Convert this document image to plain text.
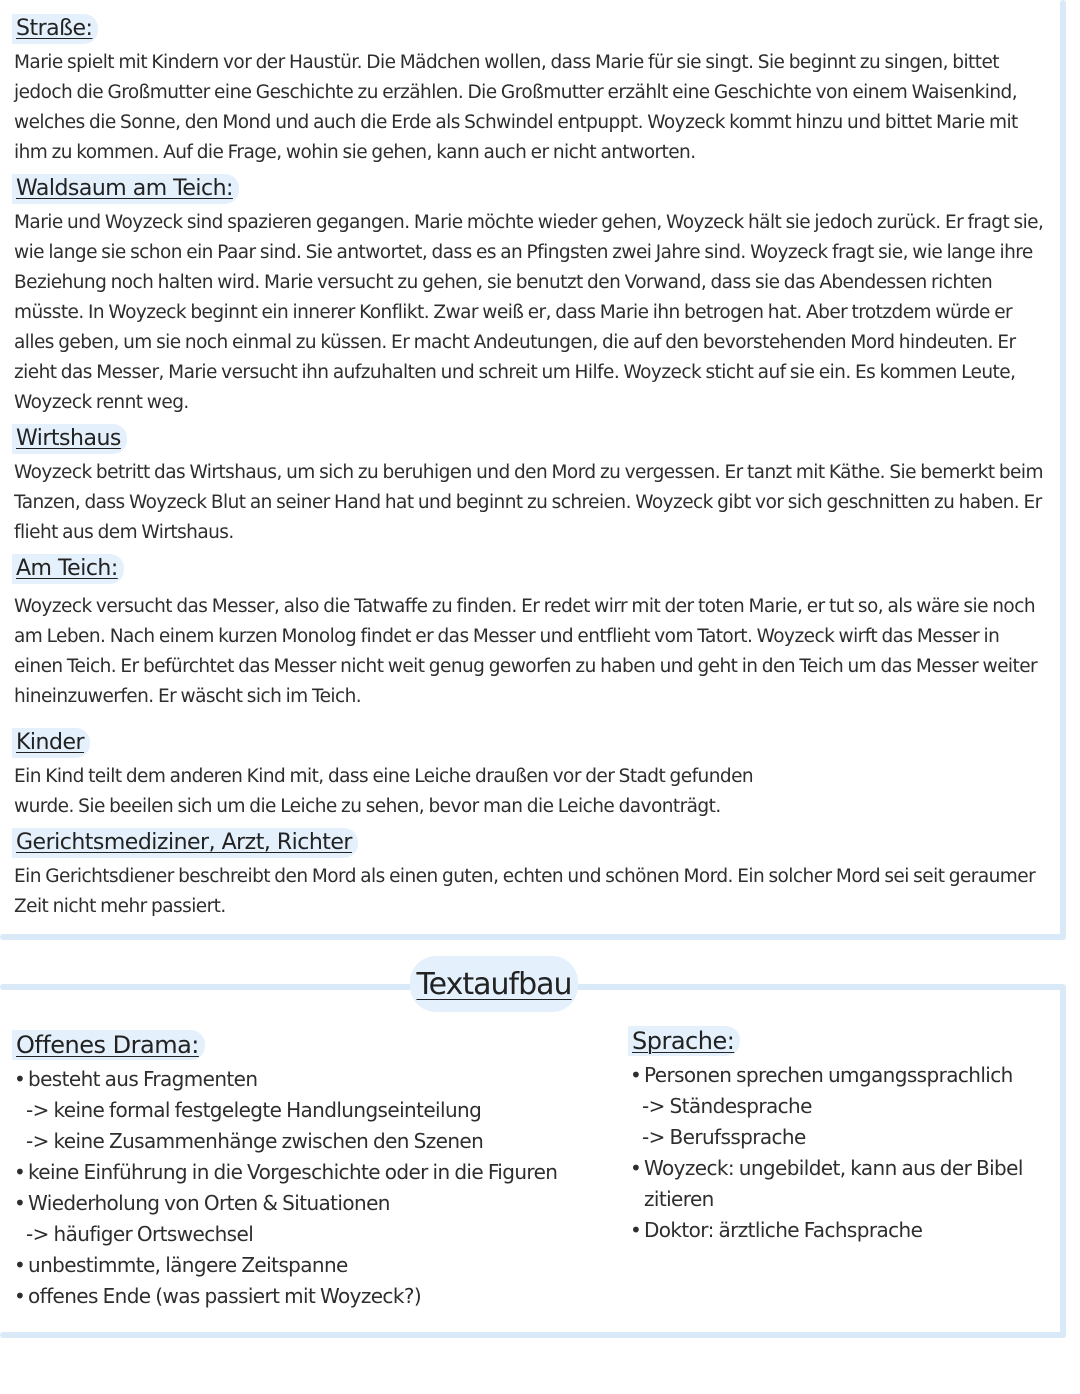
Straße:

Marie spielt mit Kindern vor der Haustür. Die Mädchen wollen, dass Marie für sie singt. Sie beginnt zu singen, bittet jedoch die Großmutter eine Geschichte zu erzählen. Die Großmutter erzählt eine Geschichte von einem Waisenkind, welches die Sonne, den Mond und auch die Erde als Schwindel entpuppt. Woyzeck kommt hinzu und bittet Marie mit ihm zu kommen. Auf die Frage, wohin sie gehen, kann auch er nicht antworten.

Waldsaum am Teich:

Marie und Woyzeck sind spazieren gegangen. Marie möchte wieder gehen, Woyzeck hält sie jedoch zurück. Er fragt sie, wie lange sie schon ein Paar sind. Sie antwortet, dass es an Pfingsten zwei Jahre sind. Woyzeck fragt sie, wie lange ihre Beziehung noch halten wird. Marie versucht zu gehen, sie benutzt den Vorwand, dass sie das Abendessen richten müsste. In Woyzeck beginnt ein innerer Konflikt. Zwar weiß er, dass Marie ihn betrogen hat. Aber trotzdem würde er alles geben, um sie noch einmal zu küssen. Er macht Andeutungen, die auf den bevorstehenden Mord hindeuten. Er zieht das Messer, Marie versucht ihn aufzuhalten und schreit um Hilfe. Woyzeck sticht auf sie ein. Es kommen Leute, Woyzeck rennt weg.

Wirtshaus

Woyzeck betritt das Wirtshaus, um sich zu beruhigen und den Mord zu vergessen. Er tanzt mit Käthe. Sie bemerkt beim Tanzen, dass Woyzeck Blut an seiner Hand hat und beginnt zu schreien. Woyzeck gibt vor sich geschnitten zu haben. Er flieht aus dem Wirtshaus.

Am Teich:

Woyzeck versucht das Messer, also die Tatwaffe zu finden. Er redet wirr mit der toten Marie, er tut so, als wäre sie noch am Leben. Nach einem kurzen Monolog findet er das Messer und entflieht vom Tatort. Woyzeck wirft das Messer in einen Teich. Er befürchtet das Messer nicht weit genug geworfen zu haben und geht in den Teich um das Messer weiter hineinzuwerfen. Er wäscht sich im Teich.

Kinder

Ein Kind teilt dem anderen Kind mit, dass eine Leiche draußen vor der Stadt gefunden wurde. Sie beeilen sich um die Leiche zu sehen, bevor man die Leiche davonträgt.

Gerichtsmediziner, Arzt, Richter

Ein Gerichtsdiener beschreibt den Mord als einen guten, echten und schönen Mord. Ein solcher Mord sei seit geraumer Zeit nicht mehr passiert.

Textaufbau
Offenes Drama:
• besteht aus Fragmenten
-> keine formal festgelegte Handlungseinteilung
-> keine Zusammenhänge zwischen den Szenen
• keine Einführung in die Vorgeschichte oder in die Figuren
• Wiederholung von Orten & Situationen
-> häufiger Ortswechsel
• unbestimmte, längere Zeitspanne
• offenes Ende (was passiert mit Woyzeck?)
Sprache:
• Personen sprechen umgangssprachlich
-> Ständesprache
-> Berufssprache
• Woyzeck: ungebildet, kann aus der Bibel zitieren
• Doktor: ärztliche Fachsprache
